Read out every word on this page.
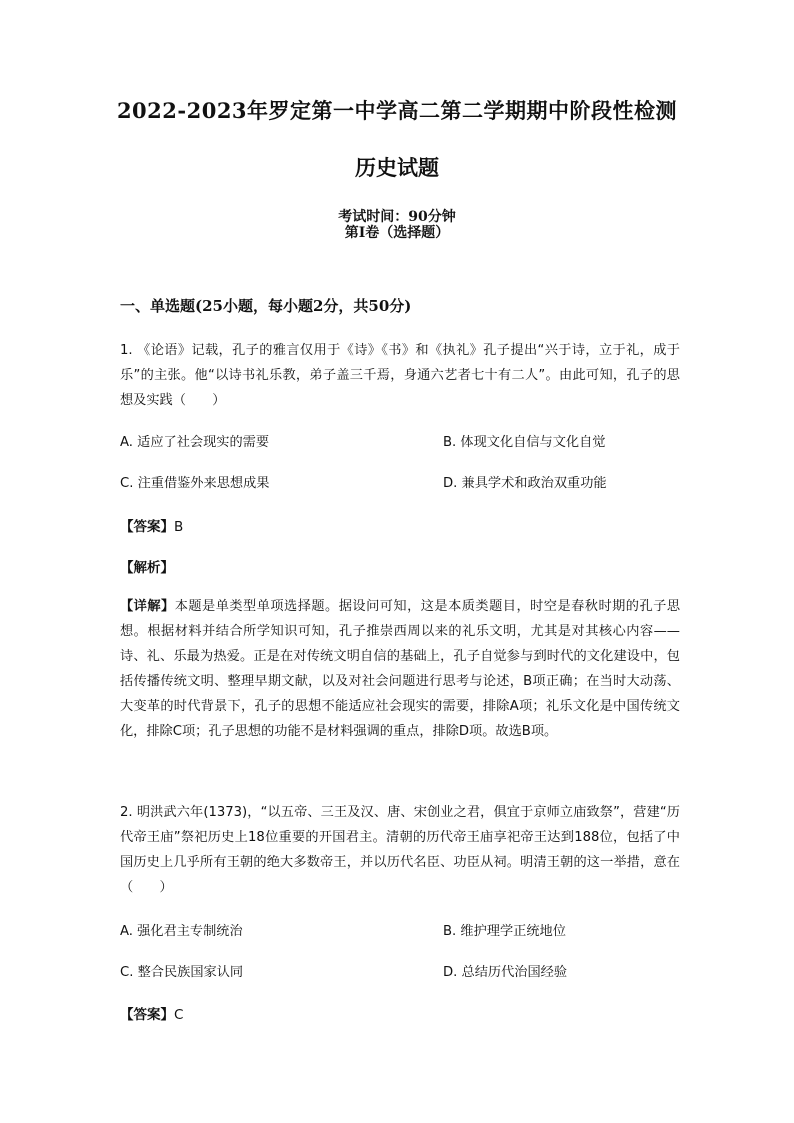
2022-2023年罗定第一中学高二第二学期期中阶段性检测
历史试题
考试时间：90分钟
第Ⅰ卷（选择题）
一、单选题(25小题，每小题2分，共50分)

1. 《论语》记载，孔子的雅言仅用于《诗》《书》和《执礼》孔子提出“兴于诗，立于礼，成于乐”的主张。他“以诗书礼乐教，弟子盖三千焉，身通六艺者七十有二人”。由此可知，孔子的思想及实践（　　）

A. 适应了社会现实的需要	B. 体现文化自信与文化自觉
C. 注重借鉴外来思想成果	D. 兼具学术和政治双重功能
【答案】B
【解析】

【详解】本题是单类型单项选择题。据设问可知，这是本质类题目，时空是春秋时期的孔子思想。根据材料并结合所学知识可知，孔子推崇西周以来的礼乐文明，尤其是对其核心内容——诗、礼、乐最为热爱。正是在对传统文明自信的基础上，孔子自觉参与到时代的文化建设中，包括传播传统文明、整理早期文献，以及对社会问题进行思考与论述，B项正确；在当时大动荡、大变革的时代背景下，孔子的思想不能适应社会现实的需要，排除A项；礼乐文化是中国传统文化，排除C项；孔子思想的功能不是材料强调的重点，排除D项。故选B项。

2. 明洪武六年(1373)，“以五帝、三王及汉、唐、宋创业之君，俱宜于京师立庙致祭”，营建“历代帝王庙”祭祀历史上18位重要的开国君主。清朝的历代帝王庙享祀帝王达到188位，包括了中国历史上几乎所有王朝的绝大多数帝王，并以历代名臣、功臣从祠。明清王朝的这一举措，意在（　　）

A. 强化君主专制统治	B. 维护理学正统地位
C. 整合民族国家认同	D. 总结历代治国经验
【答案】C
